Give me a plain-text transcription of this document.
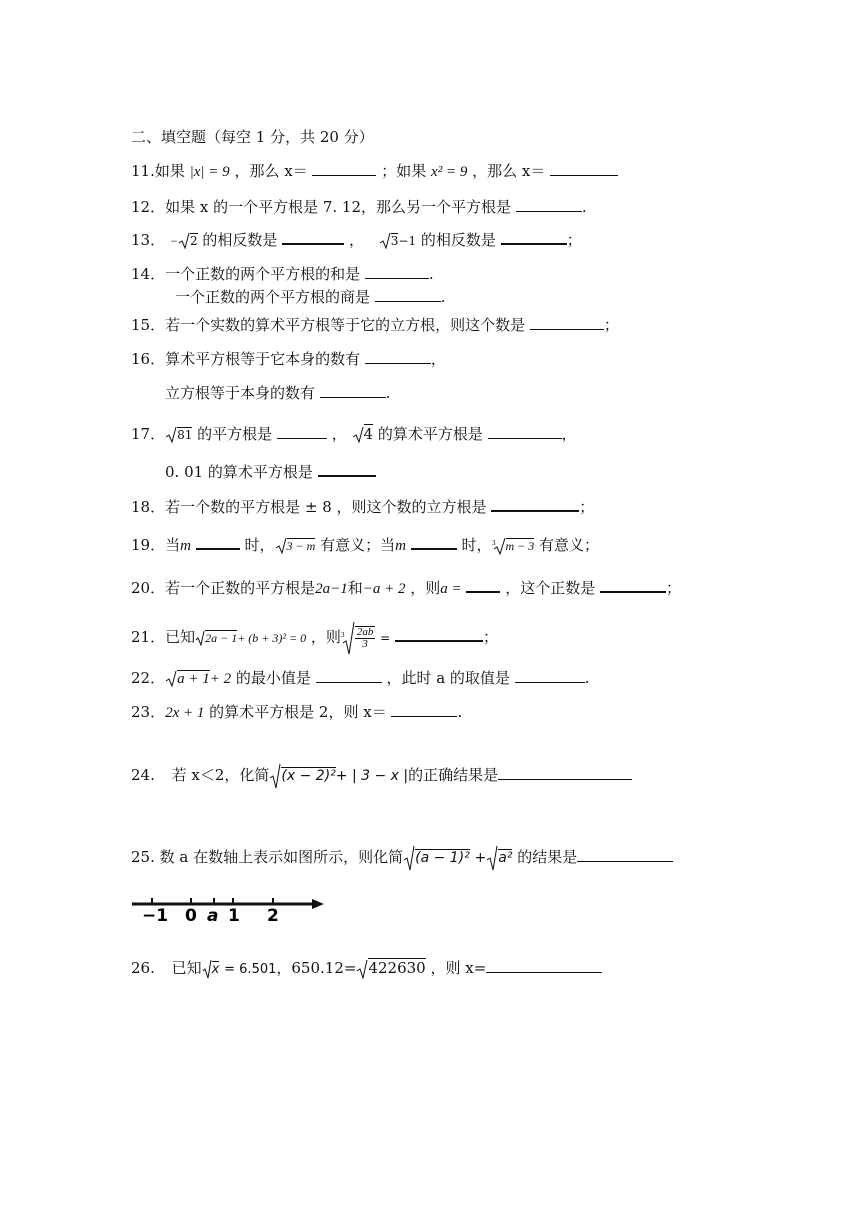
二、填空题（每空 1 分，共 20 分）
11.如果 |x| = 9 ，那么 x＝	；如果 x² = 9 ，那么 x＝
12．如果 x 的一个平方根是 7. 12，那么另一个平方根是	.
13． − 2 的相反数是	， 3−1 的相反数是	；
14．一个正数的两个平方根的和是	.
一个正数的两个平方根的商是	.
15．若一个实数的算术平方根等于它的立方根，则这个数是	；
16．算术平方根等于它本身的数有	，
立方根等于本身的数有	.
17． 81 的平方根是	， 4 的算术平方根是	，
0. 01 的算术平方根是
18．若一个数的平方根是 ± 8 ，则这个数的立方根是	；
19．当m	时， 3 − m 有意义；当m	时， 3 m − 3 有意义；
20．若一个正数的平方根是2a−1和−a + 2 ，则a =	，这个正数是	；
21．已知 2a − 1+ (b + 3)² = 0 ，则 $3 \frac{2ab}{3}$ =	；
22． a + 1+ 2 的最小值是	，此时 a 的取值是	.
23．2x + 1 的算术平方根是 2，则 x＝	.
24. 若 x＜2，化简 (x − 2)²+ | 3 − x |的正确结果是
25. 数 a 在数轴上表示如图所示，则化简 (a − 1)² + a² 的结果是
−1 0 a 1 2
26. 已知 x = 6.501，650.12= 422630 ，则 x=
